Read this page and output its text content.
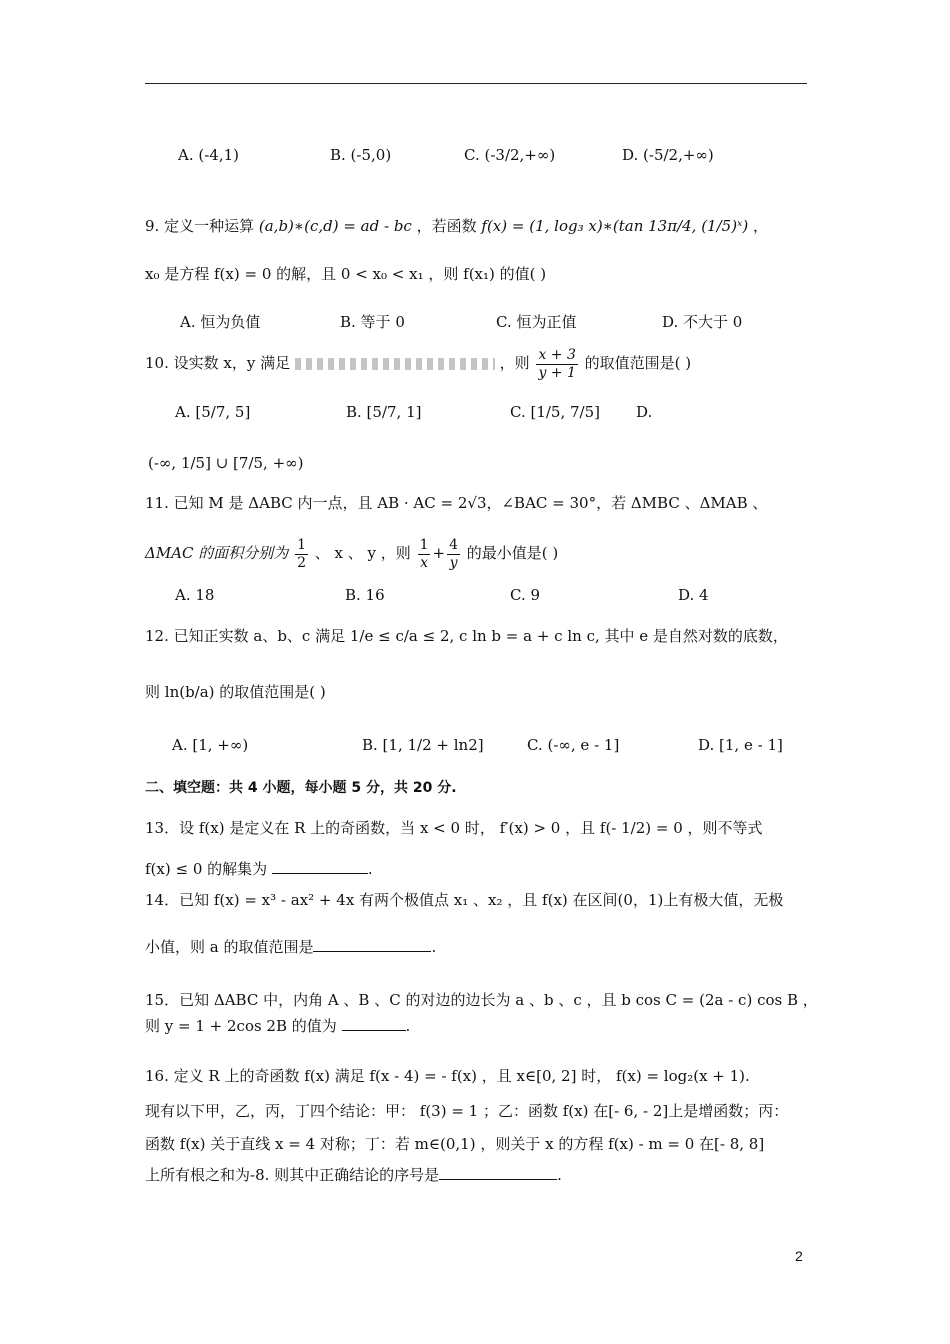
A. (-4,1)	B. (-5,0)	C. (-3/2,+∞)	D. (-5/2,+∞)
9. 定义一种运算 (a,b)∗(c,d) = ad - bc ，若函数 f(x) = (1, log₃ x)∗(tan 13π/4, (1/5)ˣ) ，
x₀ 是方程 f(x) = 0 的解，且 0 < x₀ < x₁ ，则 f(x₁) 的值( )
A. 恒为负值	B. 等于 0	C. 恒为正值	D. 不大于 0
10. 设实数 x，y 满足	，则 $\frac{x + 3}{y + 1}$ 的取值范围是( )
A. [5/7, 5]	B. [5/7, 1]	C. [1/5, 7/5] D.
(-∞, 1/5] ∪ [7/5, +∞)
11. 已知 M 是 ΔABC 内一点，且 AB · AC = 2√3，∠BAC = 30°，若 ΔMBC 、ΔMAB 、
ΔMAC 的面积分别为 $\frac{1}{2}$ 、 x 、 y ，则 $\frac{1}{x} + \frac{4}{y}$ 的最小值是( )
A. 18	B. 16	C. 9	D. 4
12. 已知正实数 a、b、c 满足 1/e ≤ c/a ≤ 2, c ln b = a + c ln c, 其中 e 是自然对数的底数，
则 ln(b/a) 的取值范围是( )
A. [1, +∞)	B. [1, 1/2 + ln2]	C. (-∞, e - 1]	D. [1, e - 1]
二、填空题：共 4 小题，每小题 5 分，共 20 分.
13．设 f(x) 是定义在 R 上的奇函数，当 x < 0 时， f′(x) > 0 ，且 f(- 1/2) = 0 ，则不等式
f(x) ≤ 0 的解集为	.
14．已知 f(x) = x³ - ax² + 4x 有两个极值点 x₁ 、x₂ ，且 f(x) 在区间(0，1)上有极大值，无极
小值，则 a 的取值范围是	.
15．已知 ΔABC 中，内角 A 、B 、C 的对边的边长为 a 、b 、c ，且 b cos C = (2a - c) cos B ，
则 y = 1 + 2cos 2B 的值为	.
16. 定义 R 上的奇函数 f(x) 满足 f(x - 4) = - f(x) ，且 x∈[0, 2] 时， f(x) = log₂(x + 1).
现有以下甲，乙，丙，丁四个结论：甲： f(3) = 1 ；乙：函数 f(x) 在[- 6, - 2]上是增函数；丙：
函数 f(x) 关于直线 x = 4 对称；丁：若 m∈(0,1) ，则关于 x 的方程 f(x) - m = 0 在[- 8, 8]
上所有根之和为-8. 则其中正确结论的序号是	.
2
